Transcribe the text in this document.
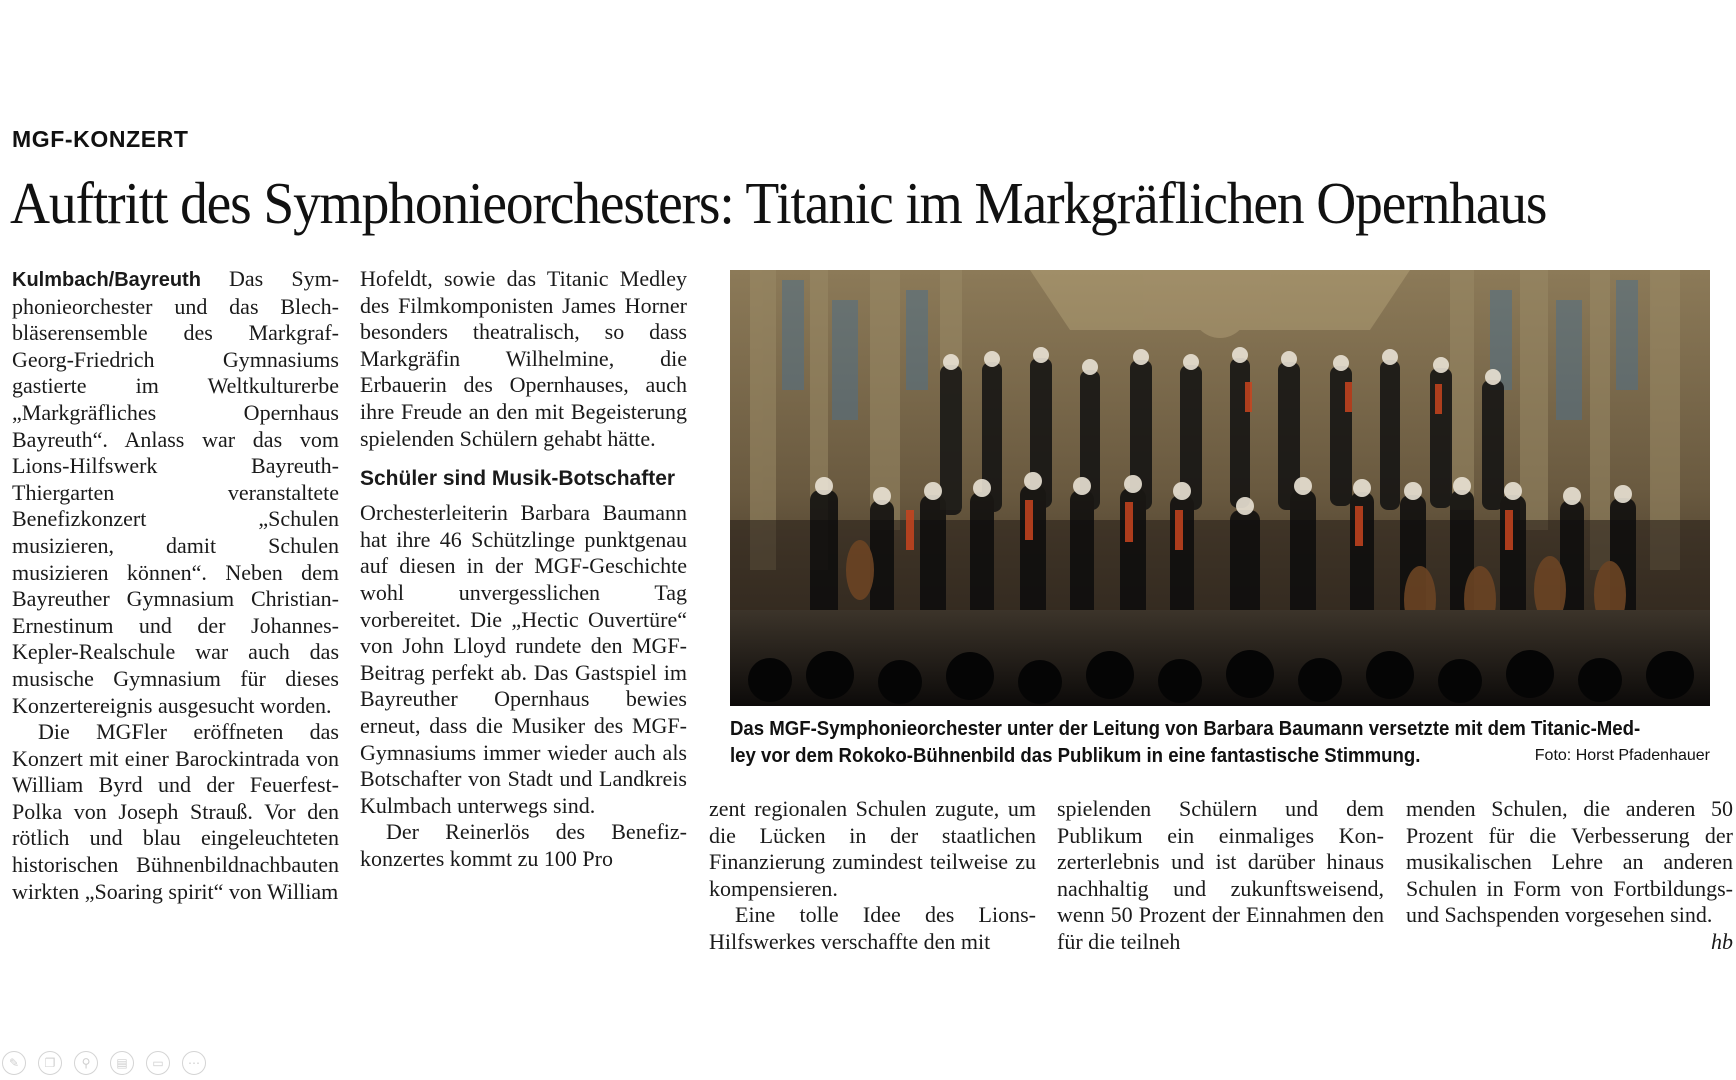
MGF-KONZERT
Auftritt des Symphonieorchesters: Titanic im Markgräflichen Opernhaus

Kulmbach/Bayreuth Das Symphonieorchester und das Blechbläserensemble des Markgraf-Georg-Friedrich Gymnasiums gastierte im Weltkulturerbe „Markgräfliches Opernhaus Bayreuth“. Anlass war das vom Lions-Hilfswerk Bayreuth-Thiergarten veranstaltete Benefizkonzert „Schulen musizieren, damit Schulen musizieren können“. Neben dem Bayreuther Gymnasium Christian-Ernestinum und der Johannes-Kepler-Realschule war auch das musische Gymnasium für dieses Konzertereignis ausgesucht worden.

Die MGFler eröffneten das Konzert mit einer Barockintrada von William Byrd und der Feuerfest-Polka von Joseph Strauß. Vor den rötlich und blau eingeleuchteten historischen Bühnenbildnachbauten wirkten „Soaring spirit“ von William

Hofeldt, sowie das Titanic Medley des Filmkomponisten James Horner besonders theatralisch, so dass Markgräfin Wilhelmine, die Erbauerin des Opernhauses, auch ihre Freude an den mit Begeisterung spielenden Schülern gehabt hätte.

Schüler sind Musik-Botschafter

Orchesterleiterin Barbara Baumann hat ihre 46 Schützlinge punktgenau auf diesen in der MGF-Geschichte wohl unvergesslichen Tag vorbereitet. Die „Hectic Ouvertüre“ von John Lloyd rundete den MGF-Beitrag perfekt ab. Das Gastspiel im Bayreuther Opernhaus bewies erneut, dass die Musiker des MGF-Gymnasiums immer wieder auch als Botschafter von Stadt und Landkreis Kulmbach unterwegs sind.

Der Reinerlös des Benefizkonzertes kommt zu 100 Pro

Das MGF-Symphonieorchester unter der Leitung von Barbara Baumann versetzte mit dem Titanic-Medley vor dem Rokoko-Bühnenbild das Publikum in eine fantastische Stimmung.	Foto: Horst Pfadenhauer

zent regionalen Schulen zugute, um die Lücken in der staatlichen Finanzierung zumindest teilweise zu kompensieren.

Eine tolle Idee des Lions-Hilfswerkes verschaffte den mit

spielenden Schülern und dem Publikum ein einmaliges Konzerterlebnis und ist darüber hinaus nachhaltig und zukunftsweisend, wenn 50 Prozent der Einnahmen den für die teilneh

menden Schulen, die anderen 50 Prozent für die Verbesserung der musikalischen Lehre an anderen Schulen in Form von Fortbildungs- und Sachspenden vorgesehen sind.
hb

✎	❐	⚲	▤	▭	⋯
